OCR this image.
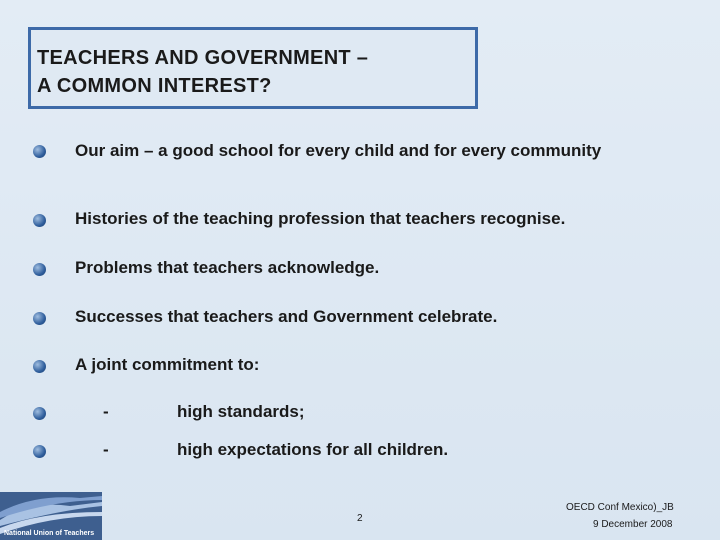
TEACHERS AND GOVERNMENT –
A COMMON INTEREST?
Our aim – a good school for every child and for every community
Histories of the teaching profession that teachers recognise.
Problems that teachers acknowledge.
Successes that teachers and Government celebrate.
A joint commitment to:
-	high standards;
-	high expectations for all children.
National Union of Teachers
2
OECD Conf Mexico)_JB
9 December 2008
